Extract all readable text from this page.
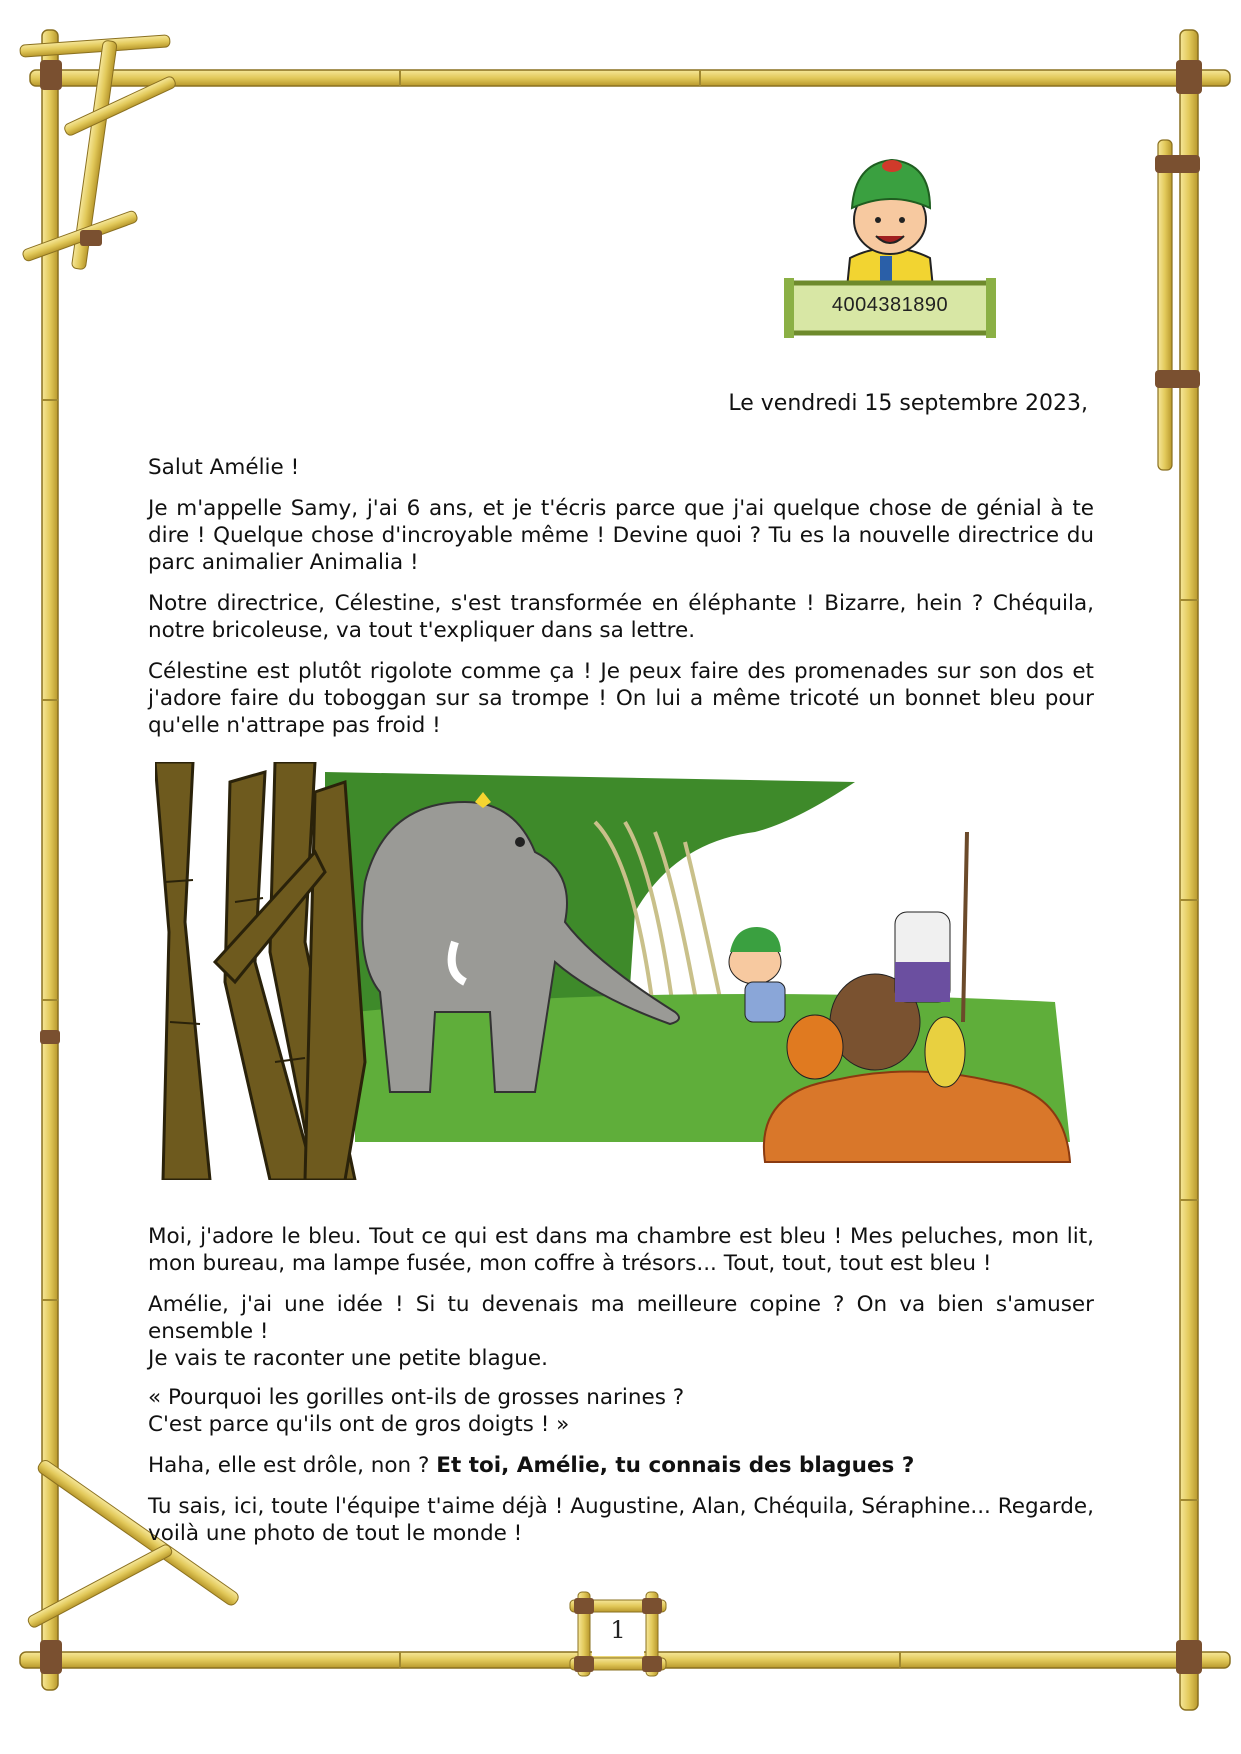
4004381890
Le vendredi 15 septembre 2023,

Salut Amélie !

Je m'appelle Samy, j'ai 6 ans, et je t'écris parce que j'ai quelque chose de génial à te dire ! Quelque chose d'incroyable même ! Devine quoi ? Tu es la nouvelle directrice du parc animalier Animalia !

Notre directrice, Célestine, s'est transformée en éléphante ! Bizarre, hein ? Chéquila, notre bricoleuse, va tout t'expliquer dans sa lettre.

Célestine est plutôt rigolote comme ça ! Je peux faire des promenades sur son dos et j'adore faire du toboggan sur sa trompe ! On lui a même tricoté un bonnet bleu pour qu'elle n'attrape pas froid !

Moi, j'adore le bleu. Tout ce qui est dans ma chambre est bleu ! Mes peluches, mon lit, mon bureau, ma lampe fusée, mon coffre à trésors... Tout, tout, tout est bleu !

Amélie, j'ai une idée ! Si tu devenais ma meilleure copine ? On va bien s'amuser ensemble !
Je vais te raconter une petite blague.

« Pourquoi les gorilles ont-ils de grosses narines ?
C'est parce qu'ils ont de gros doigts ! »

Haha, elle est drôle, non ? Et toi, Amélie, tu connais des blagues ?

Tu sais, ici, toute l'équipe t'aime déjà ! Augustine, Alan, Chéquila, Séraphine... Regarde, voilà une photo de tout le monde !

1
